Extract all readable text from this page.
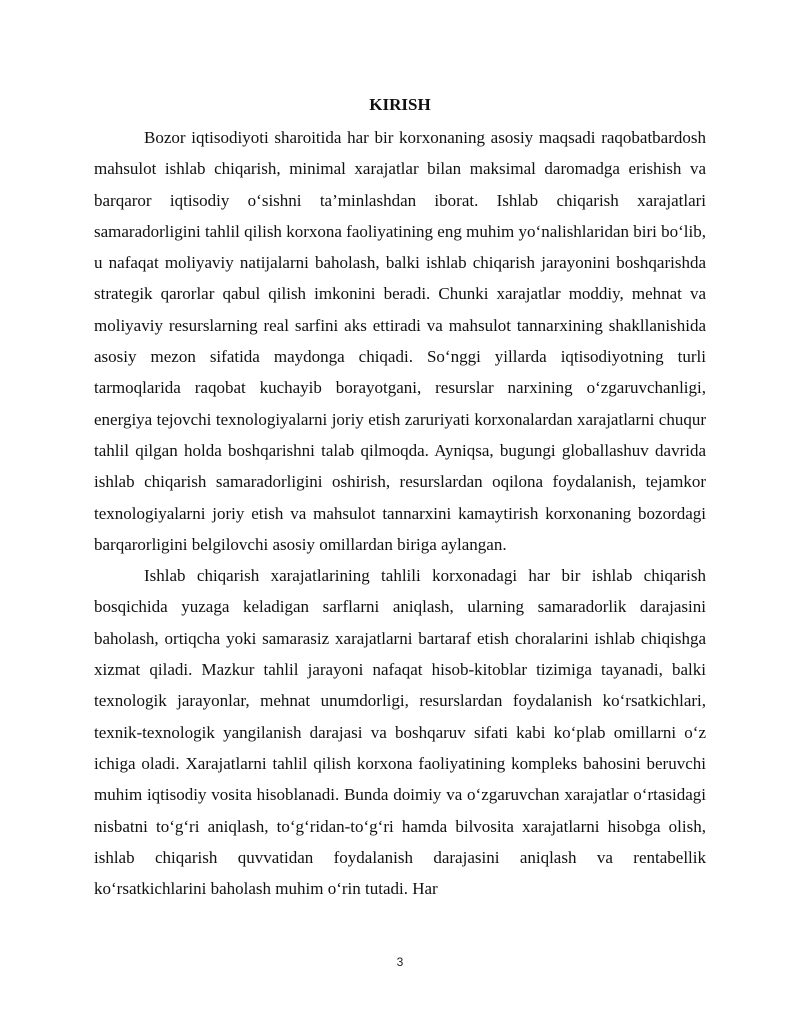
KIRISH

Bozor iqtisodiyoti sharoitida har bir korxonaning asosiy maqsadi raqobatbardosh mahsulot ishlab chiqarish, minimal xarajatlar bilan maksimal daromadga erishish va barqaror iqtisodiy o‘sishni ta’minlashdan iborat. Ishlab chiqarish xarajatlari samaradorligini tahlil qilish korxona faoliyatining eng muhim yo‘nalishlaridan biri bo‘lib, u nafaqat moliyaviy natijalarni baholash, balki ishlab chiqarish jarayonini boshqarishda strategik qarorlar qabul qilish imkonini beradi. Chunki xarajatlar moddiy, mehnat va moliyaviy resurslarning real sarfini aks ettiradi va mahsulot tannarxining shakllanishida asosiy mezon sifatida maydonga chiqadi. So‘nggi yillarda iqtisodiyotning turli tarmoqlarida raqobat kuchayib borayotgani, resurslar narxining o‘zgaruvchanligi, energiya tejovchi texnologiyalarni joriy etish zaruriyati korxonalardan xarajatlarni chuqur tahlil qilgan holda boshqarishni talab qilmoqda. Ayniqsa, bugungi globallashuv davrida ishlab chiqarish samaradorligini oshirish, resurslardan oqilona foydalanish, tejamkor texnologiyalarni joriy etish va mahsulot tannarxini kamaytirish korxonaning bozordagi barqarorligini belgilovchi asosiy omillardan biriga aylangan.

Ishlab chiqarish xarajatlarining tahlili korxonadagi har bir ishlab chiqarish bosqichida yuzaga keladigan sarflarni aniqlash, ularning samaradorlik darajasini baholash, ortiqcha yoki samarasiz xarajatlarni bartaraf etish choralarini ishlab chiqishga xizmat qiladi. Mazkur tahlil jarayoni nafaqat hisob-kitoblar tizimiga tayanadi, balki texnologik jarayonlar, mehnat unumdorligi, resurslardan foydalanish ko‘rsatkichlari, texnik-texnologik yangilanish darajasi va boshqaruv sifati kabi ko‘plab omillarni o‘z ichiga oladi. Xarajatlarni tahlil qilish korxona faoliyatining kompleks bahosini beruvchi muhim iqtisodiy vosita hisoblanadi. Bunda doimiy va o‘zgaruvchan xarajatlar o‘rtasidagi nisbatni to‘g‘ri aniqlash, to‘g‘ridan-to‘g‘ri hamda bilvosita xarajatlarni hisobga olish, ishlab chiqarish quvvatidan foydalanish darajasini aniqlash va rentabellik ko‘rsatkichlarini baholash muhim o‘rin tutadi. Har

3
